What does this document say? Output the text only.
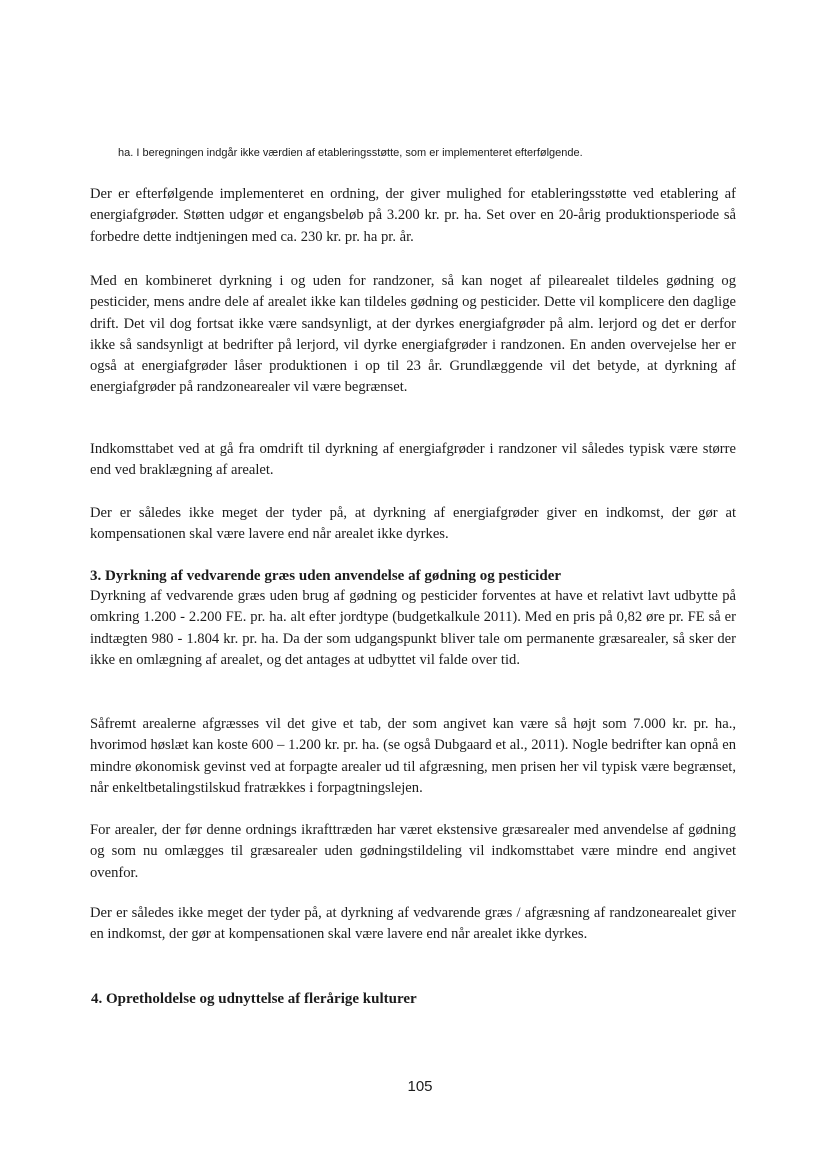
ha. I beregningen indgår ikke værdien af etableringsstøtte, som er implementeret efterfølgende.

Der er efterfølgende implementeret en ordning, der giver mulighed for etableringsstøtte ved etablering af energiafgrøder. Støtten udgør et engangsbeløb på 3.200 kr. pr. ha. Set over en 20-årig produktionsperiode så forbedre dette indtjeningen med ca. 230 kr. pr. ha pr. år.

Med en kombineret dyrkning i og uden for randzoner, så kan noget af pilearealet tildeles gødning og pesticider, mens andre dele af arealet ikke kan tildeles gødning og pesticider. Dette vil komplicere den daglige drift. Det vil dog fortsat ikke være sandsynligt, at der dyrkes energiafgrøder på alm. lerjord og det er derfor ikke så sandsynligt at bedrifter på lerjord, vil dyrke energiafgrøder i randzonen. En anden overvejelse her er også at energiafgrøder låser produktionen i op til 23 år. Grundlæggende vil det betyde, at dyrkning af energiafgrøder på randzonearealer vil være begrænset.

Indkomsttabet ved at gå fra omdrift til dyrkning af energiafgrøder i randzoner vil således typisk være større end ved braklægning af arealet.

Der er således ikke meget der tyder på, at dyrkning af energiafgrøder giver en indkomst, der gør at kompensationen skal være lavere end når arealet ikke dyrkes.

3. Dyrkning af vedvarende græs uden anvendelse af gødning og pesticider

Dyrkning af vedvarende græs uden brug af gødning og pesticider forventes at have et relativt lavt udbytte på omkring 1.200 - 2.200 FE. pr. ha. alt efter jordtype (budgetkalkule 2011). Med en pris på 0,82 øre pr. FE så er indtægten 980 - 1.804 kr. pr. ha. Da der som udgangspunkt bliver tale om permanente græsarealer, så sker der ikke en omlægning af arealet, og det antages at udbyttet vil falde over tid.

Såfremt arealerne afgræsses vil det give et tab, der som angivet kan være så højt som 7.000 kr. pr. ha., hvorimod høslæt kan koste 600 – 1.200 kr. pr. ha. (se også Dubgaard et al., 2011). Nogle bedrifter kan opnå en mindre økonomisk gevinst ved at forpagte arealer ud til afgræsning, men prisen her vil typisk være begrænset, når enkeltbetalingstilskud fratrækkes i forpagtningslejen.

For arealer, der før denne ordnings ikrafttræden har været ekstensive græsarealer med anvendelse af gødning og som nu omlægges til græsarealer uden gødningstildeling vil indkomsttabet være mindre end angivet ovenfor.

Der er således ikke meget der tyder på, at dyrkning af vedvarende græs / afgræsning af randzonearealet giver en indkomst, der gør at kompensationen skal være lavere end når arealet ikke dyrkes.

4. Opretholdelse og udnyttelse af flerårige kulturer
105
